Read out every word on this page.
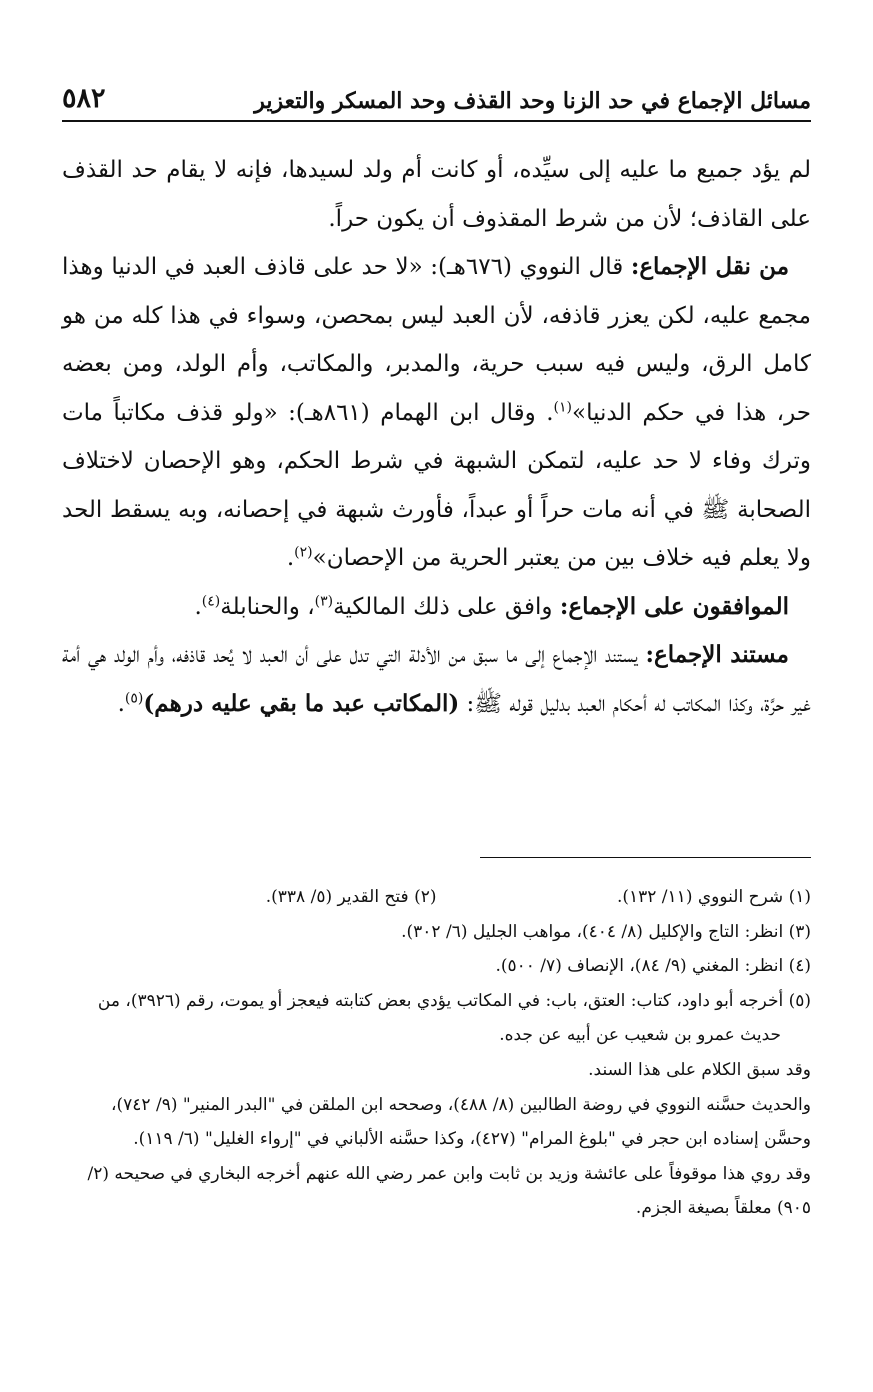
٥٨٢	مسائل الإجماع في حد الزنا وحد القذف وحد المسكر والتعزير

لم يؤد جميع ما عليه إلى سيِّده، أو كانت أم ولد لسيدها، فإنه لا يقام حد القذف على القاذف؛ لأن من شرط المقذوف أن يكون حراً.

من نقل الإجماع: قال النووي (٦٧٦هـ): «لا حد على قاذف العبد في الدنيا وهذا مجمع عليه، لكن يعزر قاذفه، لأن العبد ليس بمحصن، وسواء في هذا كله من هو كامل الرق، وليس فيه سبب حرية، والمدبر، والمكاتب، وأم الولد، ومن بعضه حر، هذا في حكم الدنيا»$^{(١)}$. وقال ابن الهمام (٨٦١هـ): «ولو قذف مكاتباً مات وترك وفاء لا حد عليه، لتمكن الشبهة في شرط الحكم، وهو الإحصان لاختلاف الصحابة ﷺ في أنه مات حراً أو عبداً، فأورث شبهة في إحصانه، وبه يسقط الحد ولا يعلم فيه خلاف بين من يعتبر الحرية من الإحصان»$^{(٢)}$.

الموافقون على الإجماع: وافق على ذلك المالكية$^{(٣)}$، والحنابلة$^{(٤)}$.

مستند الإجماع: يستند الإجماع إلى ما سبق من الأدلة التي تدل على أن العبد لا يُحد قاذفه، وأم الولد هي أمة غير حرَّة، وكذا المكاتب له أحكام العبد بدليل قوله ﷺ: (المكاتب عبد ما بقي عليه درهم)$^{(٥)}$.

(١) شرح النووي (١١/ ١٣٢).
(٢) فتح القدير (٥/ ٣٣٨).
(٣) انظر: التاج والإكليل (٨/ ٤٠٤)، مواهب الجليل (٦/ ٣٠٢).
(٤) انظر: المغني (٩/ ٨٤)، الإنصاف (٧/ ٥٠٠).
(٥) أخرجه أبو داود، كتاب: العتق، باب: في المكاتب يؤدي بعض كتابته فيعجز أو يموت، رقم (٣٩٢٦)، من حديث عمرو بن شعيب عن أبيه عن جده.

وقد سبق الكلام على هذا السند.

والحديث حسَّنه النووي في روضة الطالبين (٨/ ٤٨٨)، وصححه ابن الملقن في "البدر المنير" (٩/ ٧٤٢)، وحسَّن إسناده ابن حجر في "بلوغ المرام" (٤٢٧)، وكذا حسَّنه الألباني في "إرواء الغليل" (٦/ ١١٩).

وقد روي هذا موقوفاً على عائشة وزيد بن ثابت وابن عمر رضي الله عنهم أخرجه البخاري في صحيحه (٢/ ٩٠٥) معلقاً بصيغة الجزم.
